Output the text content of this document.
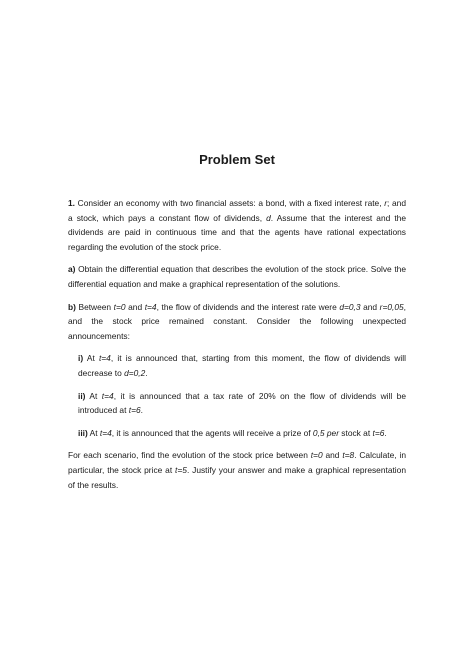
Problem Set

1. Consider an economy with two financial assets: a bond, with a fixed interest rate, r; and a stock, which pays a constant flow of dividends, d. Assume that the interest and the dividends are paid in continuous time and that the agents have rational expectations regarding the evolution of the stock price.

a) Obtain the differential equation that describes the evolution of the stock price. Solve the differential equation and make a graphical representation of the solutions.

b) Between t=0 and t=4, the flow of dividends and the interest rate were d=0,3 and r=0,05, and the stock price remained constant. Consider the following unexpected announcements:

i) At t=4, it is announced that, starting from this moment, the flow of dividends will decrease to d=0,2.

ii) At t=4, it is announced that a tax rate of 20% on the flow of dividends will be introduced at t=6.

iii) At t=4, it is announced that the agents will receive a prize of 0,5 per stock at t=6.

For each scenario, find the evolution of the stock price between t=0 and t=8. Calculate, in particular, the stock price at t=5. Justify your answer and make a graphical representation of the results.
